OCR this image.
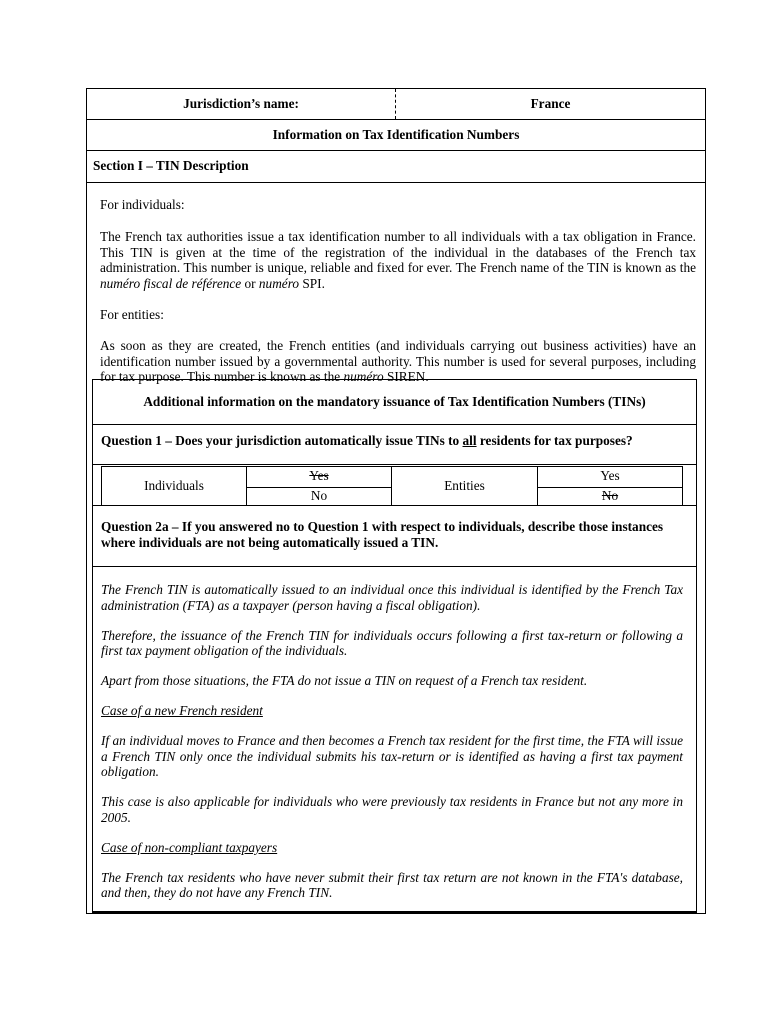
Jurisdiction’s name:	France
Information on Tax Identification Numbers
Section I – TIN Description

For individuals:

The French tax authorities issue a tax identification number to all individuals with a tax obligation in France. This TIN is given at the time of the registration of the individual in the databases of the French tax administration. This number is unique, reliable and fixed for ever. The French name of the TIN is known as the numéro fiscal de référence or numéro SPI.

For entities:

As soon as they are created, the French entities (and individuals carrying out business activities) have an identification number issued by a governmental authority. This number is used for several purposes, including for tax purpose. This number is known as the numéro SIREN.

Additional information on the mandatory issuance of Tax Identification Numbers (TINs)
Question 1 – Does your jurisdiction automatically issue TINs to all residents for tax purposes?
Individuals
Yes
No
Entities
Yes
No
Question 2a – If you answered no to Question 1 with respect to individuals, describe those instances where individuals are not being automatically issued a TIN.

The French TIN is automatically issued to an individual once this individual is identified by the French Tax administration (FTA) as a taxpayer (person having a fiscal obligation).

Therefore, the issuance of the French TIN for individuals occurs following a first tax-return or following a first tax payment obligation of the individuals.

Apart from those situations, the FTA do not issue a TIN on request of a French tax resident.

Case of a new French resident

If an individual moves to France and then becomes a French tax resident for the first time, the FTA will issue a French TIN only once the individual submits his tax-return or is identified as having a first tax payment obligation.

This case is also applicable for individuals who were previously tax residents in France but not any more in 2005.

Case of non-compliant taxpayers

The French tax residents who have never submit their first tax return are not known in the FTA's database, and then, they do not have any French TIN.
